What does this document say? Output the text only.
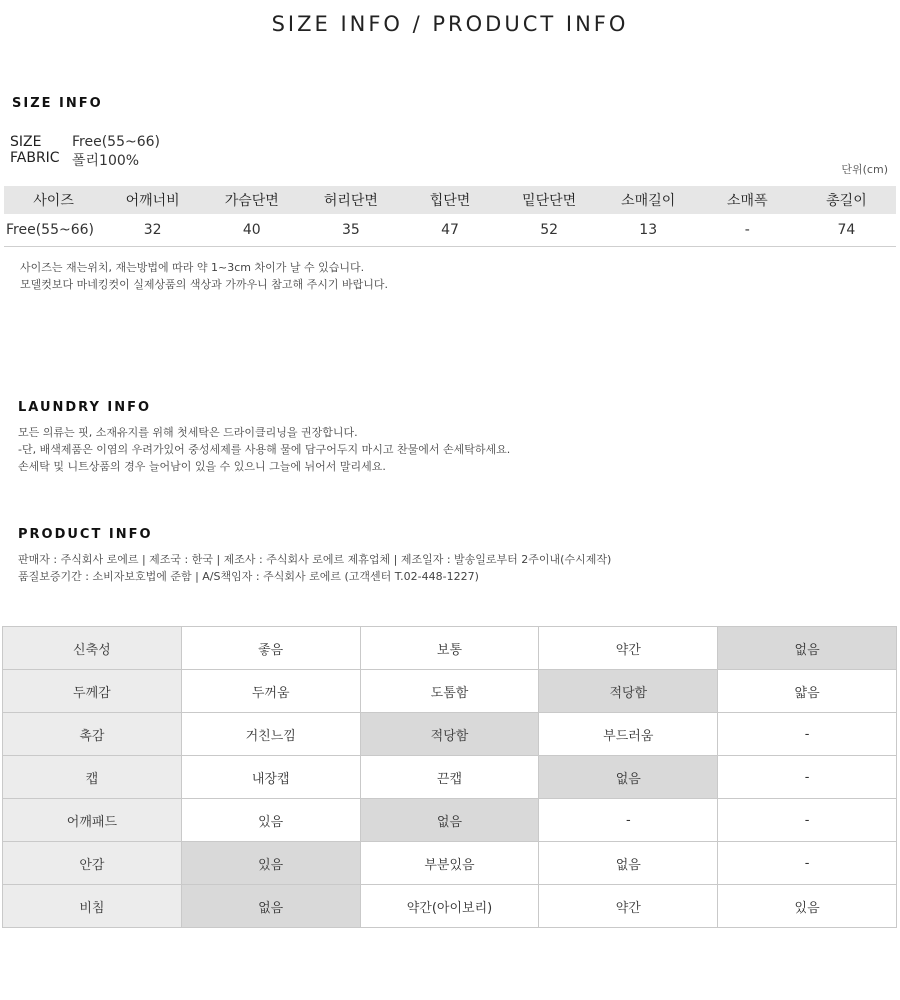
SIZE INFO / PRODUCT INFO
SIZE INFO
SIZE Free(55~66)
FABRIC 폴리100%
단위(cm)
사이즈	어깨너비	가슴단면	허리단면	힙단면	밑단단면	소매길이	소매폭	총길이
Free(55~66)	32	40	35	47	52	13	-	74
사이즈는 재는위치, 재는방법에 따라 약 1~3cm 차이가 날 수 있습니다.
모델컷보다 마네킹컷이 실제상품의 색상과 가까우니 참고해 주시기 바랍니다.
LAUNDRY INFO
모든 의류는 핏, 소재유지를 위해 첫세탁은 드라이클리닝을 권장합니다.
-단, 배색제품은 이염의 우려가있어 중성세제를 사용해 물에 담구어두지 마시고 찬물에서 손세탁하세요.
손세탁 및 니트상품의 경우 늘어남이 있을 수 있으니 그늘에 뉘어서 말리세요.
PRODUCT INFO
판매자 : 주식회사 로에르 | 제조국 : 한국 | 제조사 : 주식회사 로에르 제휴업체 | 제조일자 : 발송일로부터 2주이내(수시제작)
품질보증기간 : 소비자보호법에 준함 | A/S책임자 : 주식회사 로에르 (고객센터 T.02-448-1227)
신축성	좋음	보통	약간	없음
두께감	두꺼움	도톰함	적당함	얇음
촉감	거친느낌	적당함	부드러움	-
캡	내장캡	끈캡	없음	-
어깨패드	있음	없음	-	-
안감	있음	부분있음	없음	-
비침	없음	약간(아이보리)	약간	있음
